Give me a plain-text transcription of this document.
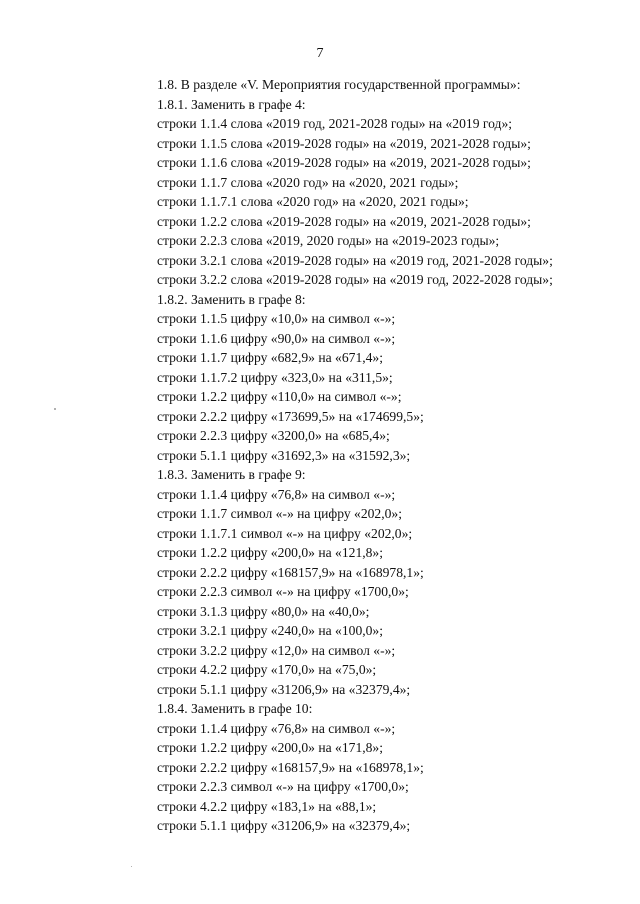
7
1.8. В разделе «V. Мероприятия государственной программы»:
1.8.1. Заменить в графе 4:
строки 1.1.4 слова «2019 год, 2021-2028 годы» на «2019 год»;
строки 1.1.5 слова «2019-2028 годы» на «2019, 2021-2028 годы»;
строки 1.1.6 слова «2019-2028 годы» на «2019, 2021-2028 годы»;
строки 1.1.7 слова «2020 год» на «2020, 2021 годы»;
строки 1.1.7.1 слова «2020 год» на «2020, 2021 годы»;
строки 1.2.2 слова «2019-2028 годы» на «2019, 2021-2028 годы»;
строки 2.2.3 слова «2019, 2020 годы» на «2019-2023 годы»;
строки 3.2.1 слова «2019-2028 годы» на «2019 год, 2021-2028 годы»;
строки 3.2.2 слова «2019-2028 годы» на «2019 год, 2022-2028 годы»;
1.8.2. Заменить в графе 8:
строки 1.1.5 цифру «10,0» на символ «-»;
строки 1.1.6 цифру «90,0» на символ «-»;
строки 1.1.7 цифру «682,9» на «671,4»;
строки 1.1.7.2 цифру «323,0» на «311,5»;
строки 1.2.2 цифру «110,0» на символ «-»;
строки 2.2.2 цифру «173699,5» на «174699,5»;
строки 2.2.3 цифру «3200,0» на «685,4»;
строки 5.1.1 цифру «31692,3» на «31592,3»;
1.8.3. Заменить в графе 9:
строки 1.1.4 цифру «76,8» на символ «-»;
строки 1.1.7 символ «-» на цифру «202,0»;
строки 1.1.7.1 символ «-» на цифру «202,0»;
строки 1.2.2 цифру «200,0» на «121,8»;
строки 2.2.2 цифру «168157,9» на «168978,1»;
строки 2.2.3 символ «-» на цифру «1700,0»;
строки 3.1.3 цифру «80,0» на «40,0»;
строки 3.2.1 цифру «240,0» на «100,0»;
строки 3.2.2 цифру «12,0» на символ «-»;
строки 4.2.2 цифру «170,0» на «75,0»;
строки 5.1.1 цифру «31206,9» на «32379,4»;
1.8.4. Заменить в графе 10:
строки 1.1.4 цифру «76,8» на символ «-»;
строки 1.2.2 цифру «200,0» на «171,8»;
строки 2.2.2 цифру «168157,9» на «168978,1»;
строки 2.2.3 символ «-» на цифру «1700,0»;
строки 4.2.2 цифру «183,1» на «88,1»;
строки 5.1.1 цифру «31206,9» на «32379,4»;
